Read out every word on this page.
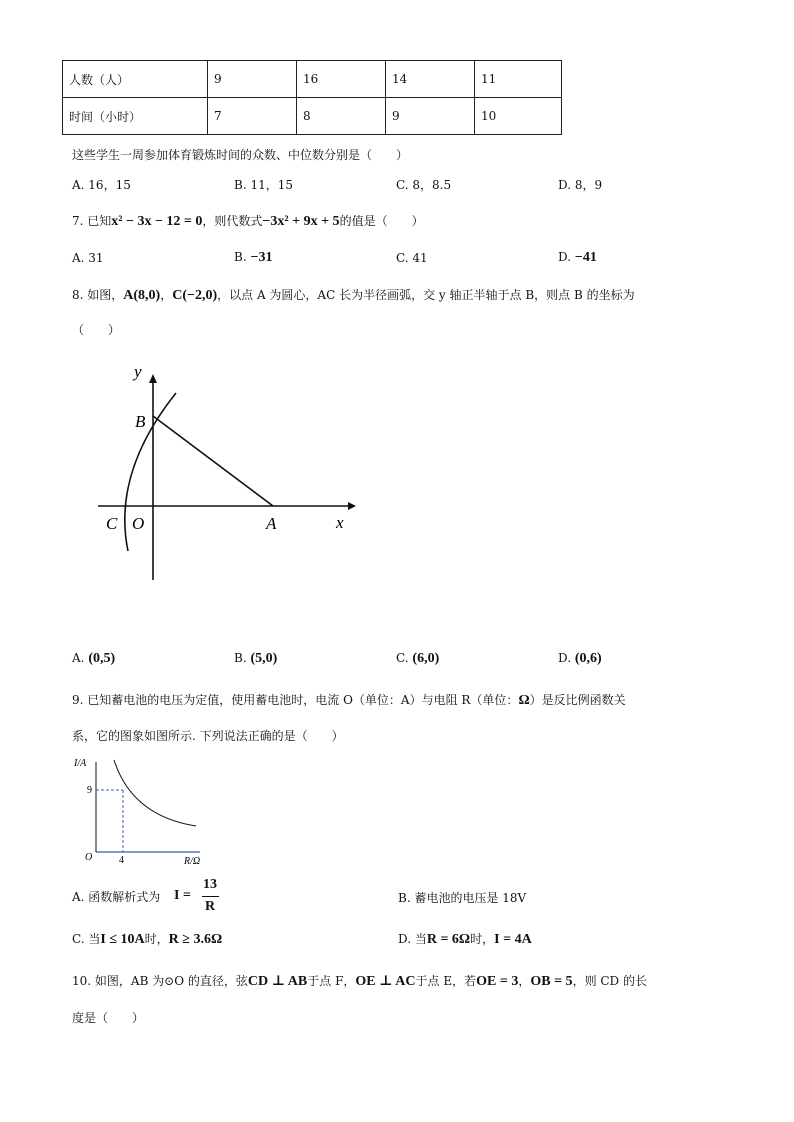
人数（人）	9	16	14	11
时间（小时）	7	8	9	10
这些学生一周参加体育锻炼时间的众数、中位数分别是（　　）
A. 16，15	B. 11，15	C. 8，8.5	D. 8，9
7. 已知x² − 3x − 12 = 0，则代数式−3x² + 9x + 5的值是（　　）
A. 31	B. −31	C. 41	D. −41
8. 如图，A(8,0)，C(−2,0)，以点 A 为圆心，AC 长为半径画弧，交 y 轴正半轴于点 B，则点 B 的坐标为
（　　）
y
x
B
C O	A
A. (0,5)	B. (5,0)	C. (6,0)	D. (0,6)
9. 已知蓄电池的电压为定值，使用蓄电池时，电流 O（单位：A）与电阻 R（单位：Ω）是反比例函数关
系，它的图象如图所示. 下列说法正确的是（　　）
I/A
R/Ω
O
9
4
A. 函数解析式为 I =
13
R
B. 蓄电池的电压是 18V
C. 当I ≤ 10A时，R ≥ 3.6Ω	D. 当R = 6Ω时，I = 4A
10. 如图，AB 为⊙O 的直径，弦CD ⊥ AB于点 F，OE ⊥ AC于点 E，若OE = 3，OB = 5，则 CD 的长
度是（　　）
